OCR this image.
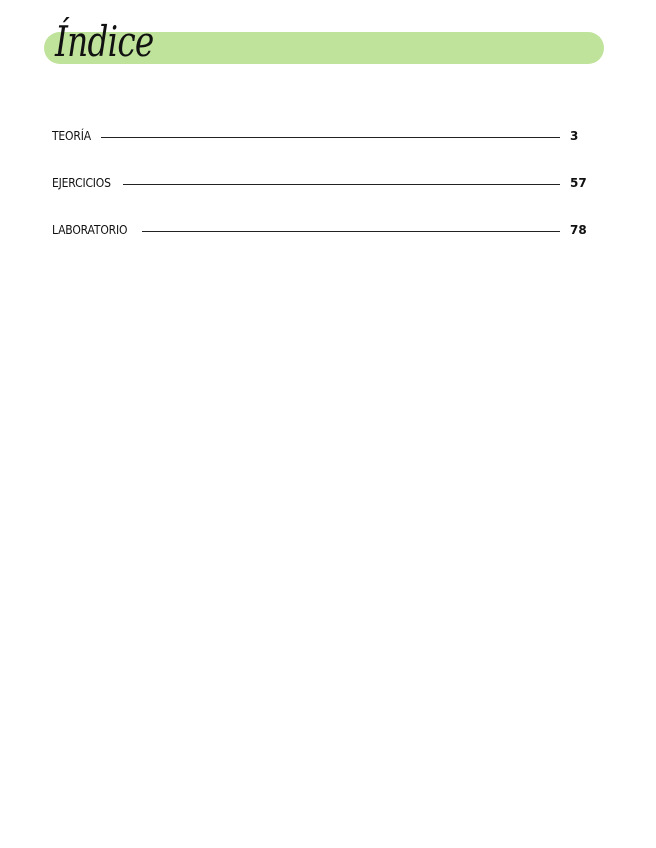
Índice
TEORÍA	3
EJERCICIOS	57
LABORATORIO	78
